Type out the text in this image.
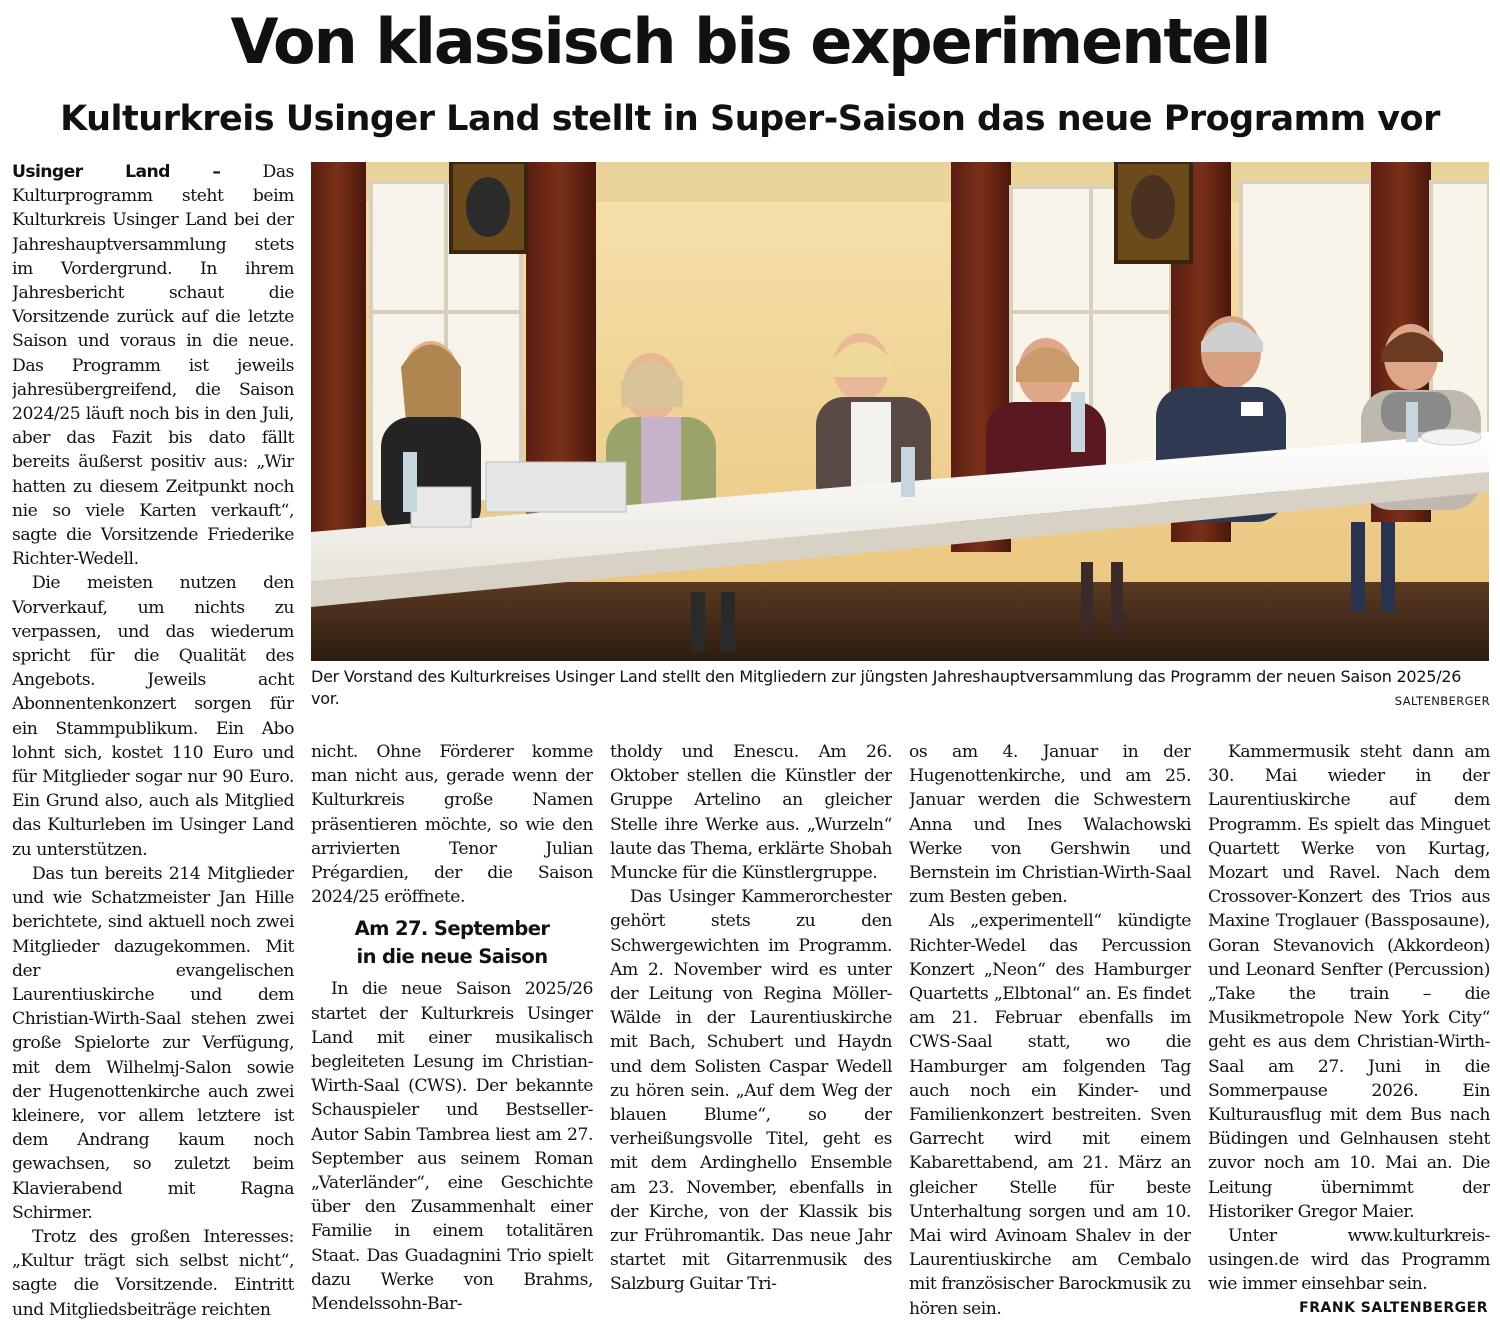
Von klassisch bis experimentell
Kulturkreis Usinger Land stellt in Super-Saison das neue Programm vor

Usinger Land – Das Kulturprogramm steht beim Kulturkreis Usinger Land bei der Jahreshauptversammlung stets im Vordergrund. In ihrem Jahresbericht schaut die Vorsitzende zurück auf die letzte Saison und voraus in die neue. Das Programm ist jeweils jahresübergreifend, die Saison 2024/25 läuft noch bis in den Juli, aber das Fazit bis dato fällt bereits äußerst positiv aus: „Wir hatten zu diesem Zeitpunkt noch nie so viele Karten verkauft“, sagte die Vorsitzende Friederike Richter-Wedell.

Die meisten nutzen den Vorverkauf, um nichts zu verpassen, und das wiederum spricht für die Qualität des Angebots. Jeweils acht Abonnentenkonzert sorgen für ein Stammpublikum. Ein Abo lohnt sich, kostet 110 Euro und für Mitglieder sogar nur 90 Euro. Ein Grund also, auch als Mitglied das Kulturleben im Usinger Land zu unterstützen.

Das tun bereits 214 Mitglieder und wie Schatzmeister Jan Hille berichtete, sind aktuell noch zwei Mitglieder dazugekommen. Mit der evangelischen Laurentiuskirche und dem Christian-Wirth-Saal stehen zwei große Spielorte zur Verfügung, mit dem Wilhelmj-Salon sowie der Hugenottenkirche auch zwei kleinere, vor allem letztere ist dem Andrang kaum noch gewachsen, so zuletzt beim Klavierabend mit Ragna Schirmer.

Trotz des großen Interesses: „Kultur trägt sich selbst nicht“, sagte die Vorsitzende. Eintritt und Mitgliedsbeiträge reichten

Der Vorstand des Kulturkreises Usinger Land stellt den Mitgliedern zur jüngsten Jahreshauptversammlung das Programm der neuen Saison 2025/26 vor.	SALTENBERGER

nicht. Ohne Förderer komme man nicht aus, gerade wenn der Kulturkreis große Namen präsentieren möchte, so wie den arrivierten Tenor Julian Prégardien, der die Saison 2024/25 eröffnete.

Am 27. September
in die neue Saison

In die neue Saison 2025/26 startet der Kulturkreis Usinger Land mit einer musikalisch begleiteten Lesung im Christian-Wirth-Saal (CWS). Der bekannte Schauspieler und Bestseller-Autor Sabin Tambrea liest am 27. September aus seinem Roman „Vaterländer“, eine Geschichte über den Zusammenhalt einer Familie in einem totalitären Staat. Das Guadagnini Trio spielt dazu Werke von Brahms, Mendelssohn-Bar-

tholdy und Enescu. Am 26. Oktober stellen die Künstler der Gruppe Artelino an gleicher Stelle ihre Werke aus. „Wurzeln“ laute das Thema, erklärte Shobah Muncke für die Künstlergruppe.

Das Usinger Kammerorchester gehört stets zu den Schwergewichten im Programm. Am 2. November wird es unter der Leitung von Regina Möller-Wälde in der Laurentiuskirche mit Bach, Schubert und Haydn und dem Solisten Caspar Wedell zu hören sein. „Auf dem Weg der blauen Blume“, so der verheißungsvolle Titel, geht es mit dem Ardinghello Ensemble am 23. November, ebenfalls in der Kirche, von der Klassik bis zur Frühromantik. Das neue Jahr startet mit Gitarrenmusik des Salzburg Guitar Tri-

os am 4. Januar in der Hugenottenkirche, und am 25. Januar werden die Schwestern Anna und Ines Walachowski Werke von Gershwin und Bernstein im Christian-Wirth-Saal zum Besten geben.

Als „experimentell“ kündigte Richter-Wedel das Percussion Konzert „Neon“ des Hamburger Quartetts „Elbtonal“ an. Es findet am 21. Februar ebenfalls im CWS-Saal statt, wo die Hamburger am folgenden Tag auch noch ein Kinder- und Familienkonzert bestreiten. Sven Garrecht wird mit einem Kabarettabend, am 21. März an gleicher Stelle für beste Unterhaltung sorgen und am 10. Mai wird Avinoam Shalev in der Laurentiuskirche am Cembalo mit französischer Barockmusik zu hören sein.

Kammermusik steht dann am 30. Mai wieder in der Laurentiuskirche auf dem Programm. Es spielt das Minguet Quartett Werke von Kurtag, Mozart und Ravel. Nach dem Crossover-Konzert des Trios aus Maxine Troglauer (Bassposaune), Goran Stevanovich (Akkordeon) und Leonard Senfter (Percussion) „Take the train – die Musikmetropole New York City“ geht es aus dem Christian-Wirth-Saal am 27. Juni in die Sommerpause 2026. Ein Kulturausflug mit dem Bus nach Büdingen und Gelnhausen steht zuvor noch am 10. Mai an. Die Leitung übernimmt der Historiker Gregor Maier.

Unter www.kulturkreis-usingen.de wird das Programm wie immer einsehbar sein.

FRANK SALTENBERGER
